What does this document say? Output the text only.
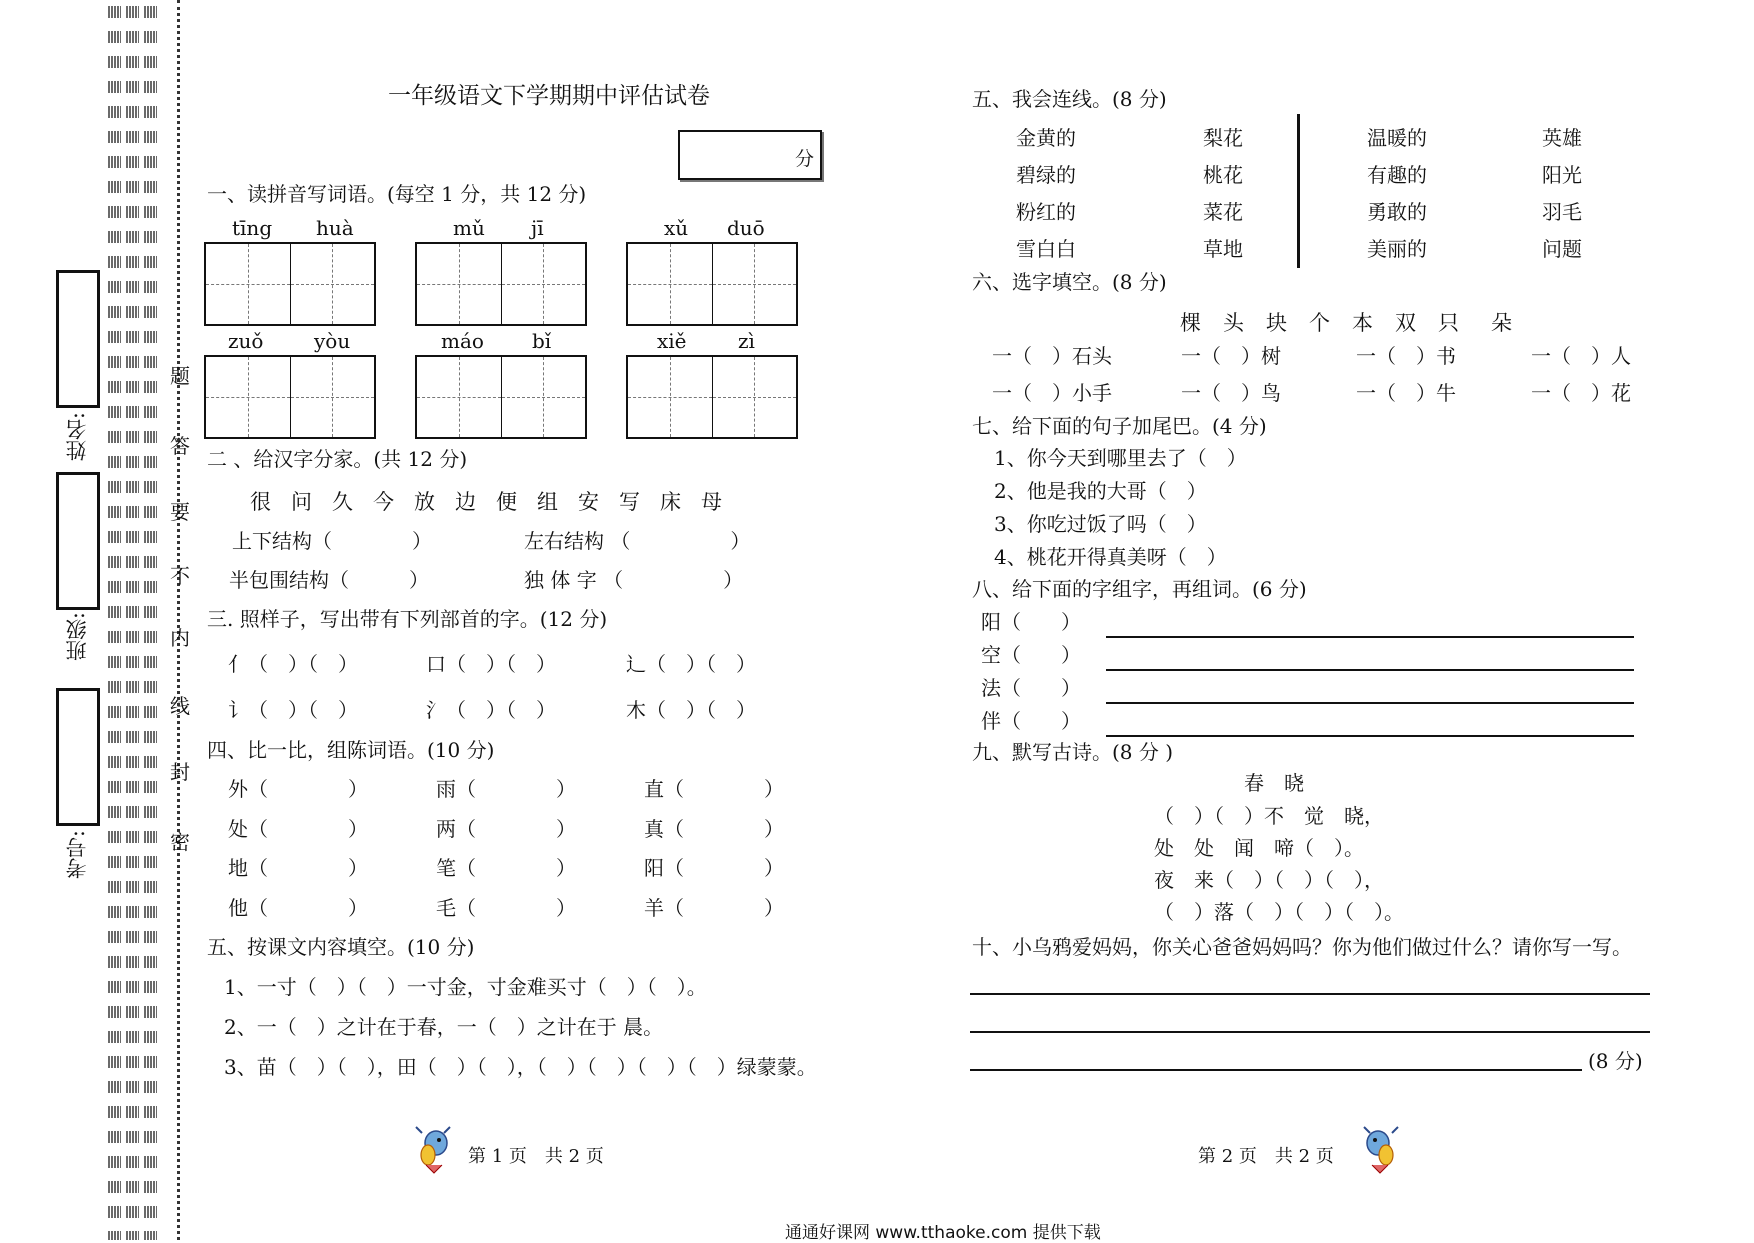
姓名:
班级:
考号:	密
封
线
内
不
要
答
题
一年级语文下学期期中评估试卷
分
一、读拼音写词语。(每空 1 分，共 12 分)
tīng huà	mǔ jī	xǔ duō
zuǒ	yòu	máo bǐ	xiě	zì
二 、给汉字分家。(共 12 分)
很 问 久 今 放 边 便 组 安 写 床 母
上下结构（　　　　）	左右结构 （　　　　　）
半包围结构（　　　）	独 体 字 （　　　　　）
三. 照样子，写出带有下列部首的字。(12 分)
亻（　）（　）	口（　）（　）	辶（　）（　）
讠（　）（　）	氵（　）（　）	木（　）（　）
四、比一比，组陈词语。(10 分)
外（　　　　）	雨（　　　　）	直（　　　　）
处（　　　　）	两（　　　　）	真（　　　　）
地（　　　　）	笔（　　　　）	阳（　　　　）
他（　　　　）	毛（　　　　）	羊（　　　　）
五、按课文内容填空。(10 分)
1、一寸（　）（　）一寸金，寸金难买寸（　）（　）。
2、一（　）之计在于春，一（　）之计在于 晨。
3、苗（　）（　），田（　）（　），（　）（　）（　）（　）绿蒙蒙。
第 1 页　共 2 页
五、我会连线。(8 分)
金黄的
碧绿的
粉红的
雪白白
梨花
桃花
菜花
草地
温暖的
有趣的
勇敢的
美丽的
英雄
阳光
羽毛
问题
六、选字填空。(8 分)
棵 头 块 个 本 双 只 朵
一（　）石头	一（　）树	一（　）书	一（　）人
一（　）小手	一（　）鸟	一（　）牛	一（　）花
七、给下面的句子加尾巴。(4 分)
1、你今天到哪里去了（　）
2、他是我的大哥（　）
3、你吃过饭了吗（　）
4、桃花开得真美呀（　）
八、给下面的字组字，再组词。(6 分)
阳（　　）
空（　　）
法（　　）
伴（　　）
九、默写古诗。(8 分 )
春　晓
（　）（　）不　觉　晓，
处　处　闻　啼（　）。
夜　来（　）（　）（　），
（　）落（　）（　）（　）。
十、小乌鸦爱妈妈，你关心爸爸妈妈吗？你为他们做过什么？请你写一写。
(8 分)
第 2 页　共 2 页
通通好课网 www.tthaoke.com 提供下载
